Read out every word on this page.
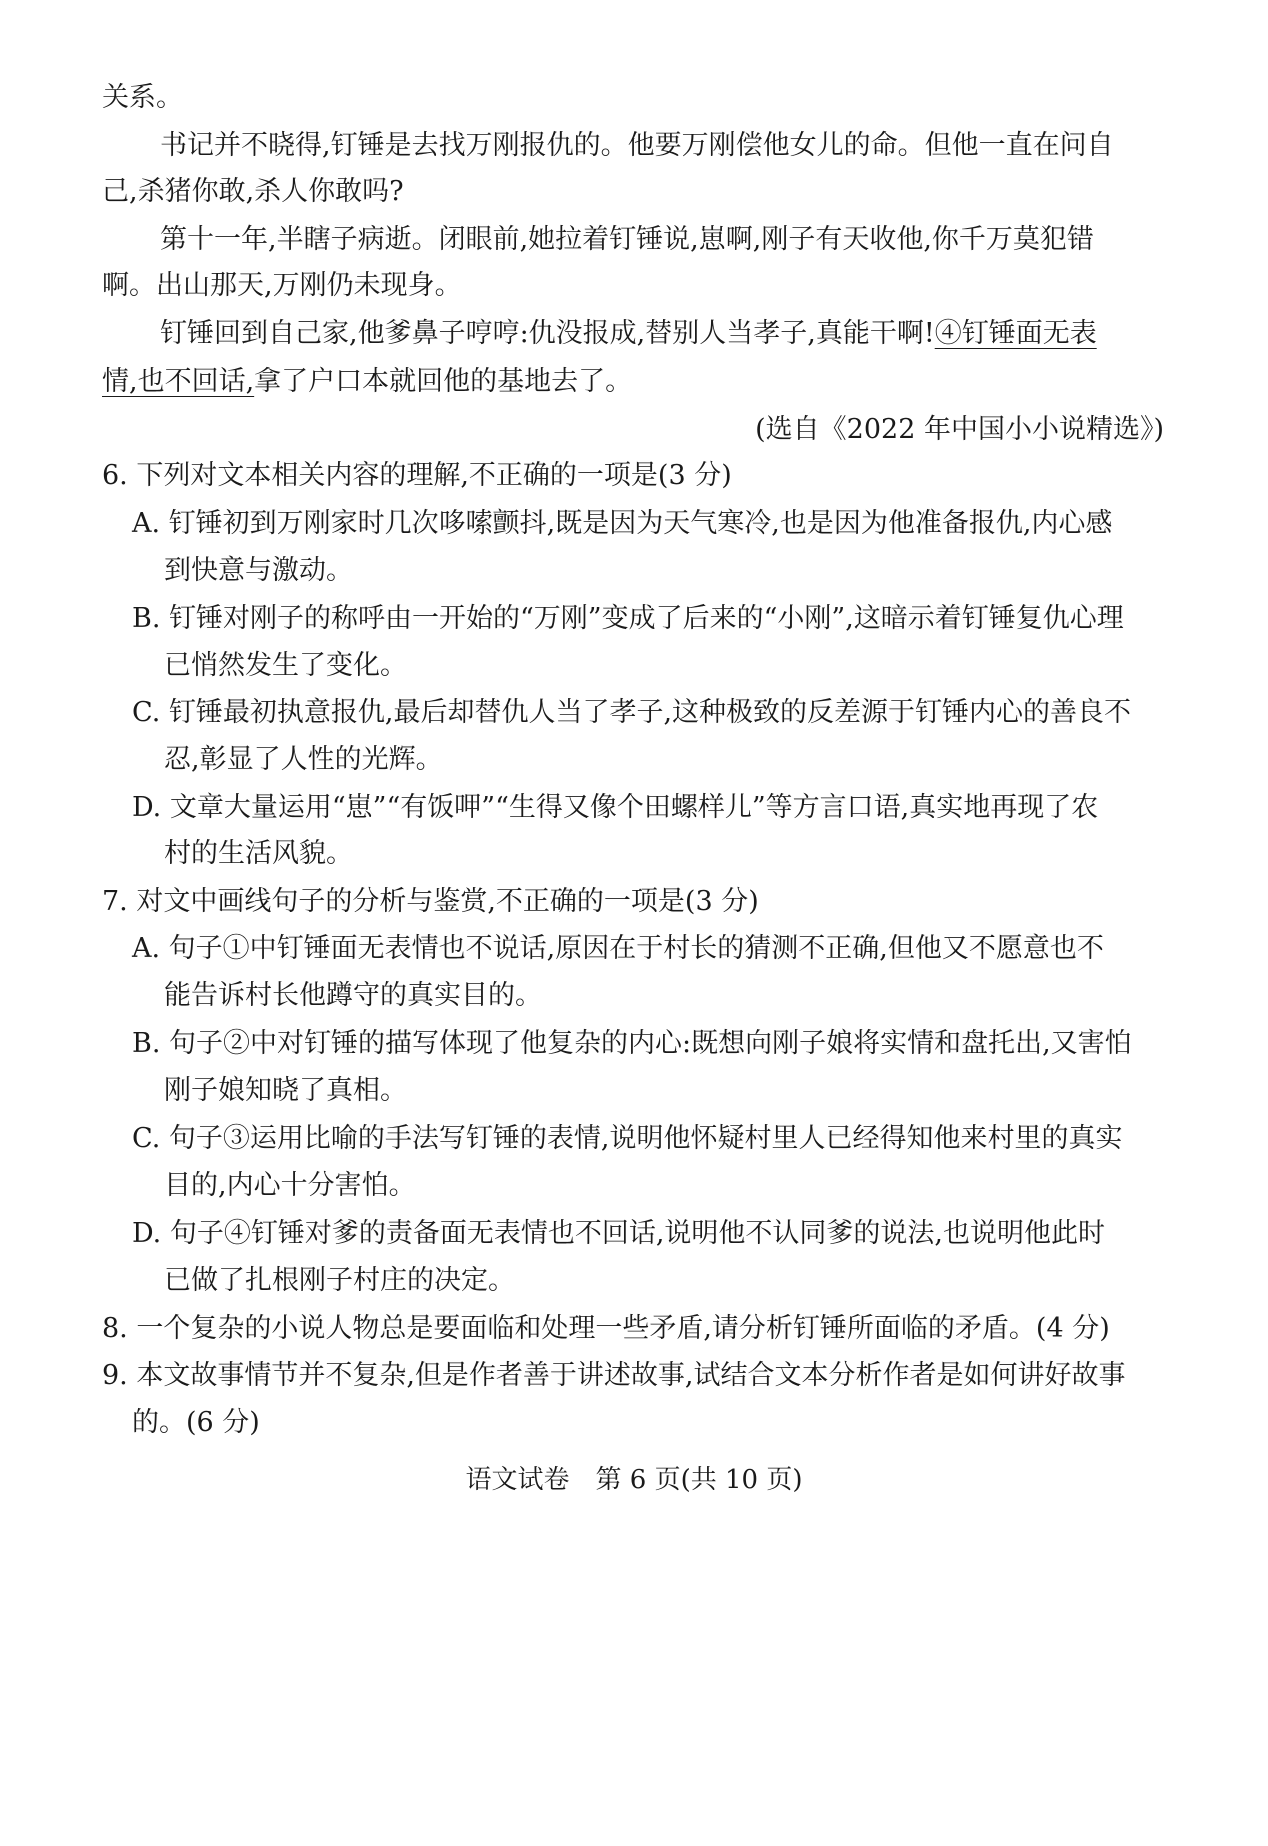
关系。
书记并不晓得,钉锤是去找万刚报仇的。他要万刚偿他女儿的命。但他一直在问自
己,杀猪你敢,杀人你敢吗?
第十一年,半瞎子病逝。闭眼前,她拉着钉锤说,崽啊,刚子有天收他,你千万莫犯错
啊。出山那天,万刚仍未现身。
钉锤回到自己家,他爹鼻子哼哼:仇没报成,替别人当孝子,真能干啊!④钉锤面无表
情,也不回话,拿了户口本就回他的基地去了。
(选自《2022 年中国小小说精选》)
6. 下列对文本相关内容的理解,不正确的一项是(3 分)
A. 钉锤初到万刚家时几次哆嗦颤抖,既是因为天气寒冷,也是因为他准备报仇,内心感
到快意与激动。
B. 钉锤对刚子的称呼由一开始的“万刚”变成了后来的“小刚”,这暗示着钉锤复仇心理
已悄然发生了变化。
C. 钉锤最初执意报仇,最后却替仇人当了孝子,这种极致的反差源于钉锤内心的善良不
忍,彰显了人性的光辉。
D. 文章大量运用“崽”“有饭呷”“生得又像个田螺样儿”等方言口语,真实地再现了农
村的生活风貌。
7. 对文中画线句子的分析与鉴赏,不正确的一项是(3 分)
A. 句子①中钉锤面无表情也不说话,原因在于村长的猜测不正确,但他又不愿意也不
能告诉村长他蹲守的真实目的。
B. 句子②中对钉锤的描写体现了他复杂的内心:既想向刚子娘将实情和盘托出,又害怕
刚子娘知晓了真相。
C. 句子③运用比喻的手法写钉锤的表情,说明他怀疑村里人已经得知他来村里的真实
目的,内心十分害怕。
D. 句子④钉锤对爹的责备面无表情也不回话,说明他不认同爹的说法,也说明他此时
已做了扎根刚子村庄的决定。
8. 一个复杂的小说人物总是要面临和处理一些矛盾,请分析钉锤所面临的矛盾。(4 分)
9. 本文故事情节并不复杂,但是作者善于讲述故事,试结合文本分析作者是如何讲好故事
的。(6 分)
语文试卷　第 6 页(共 10 页)
